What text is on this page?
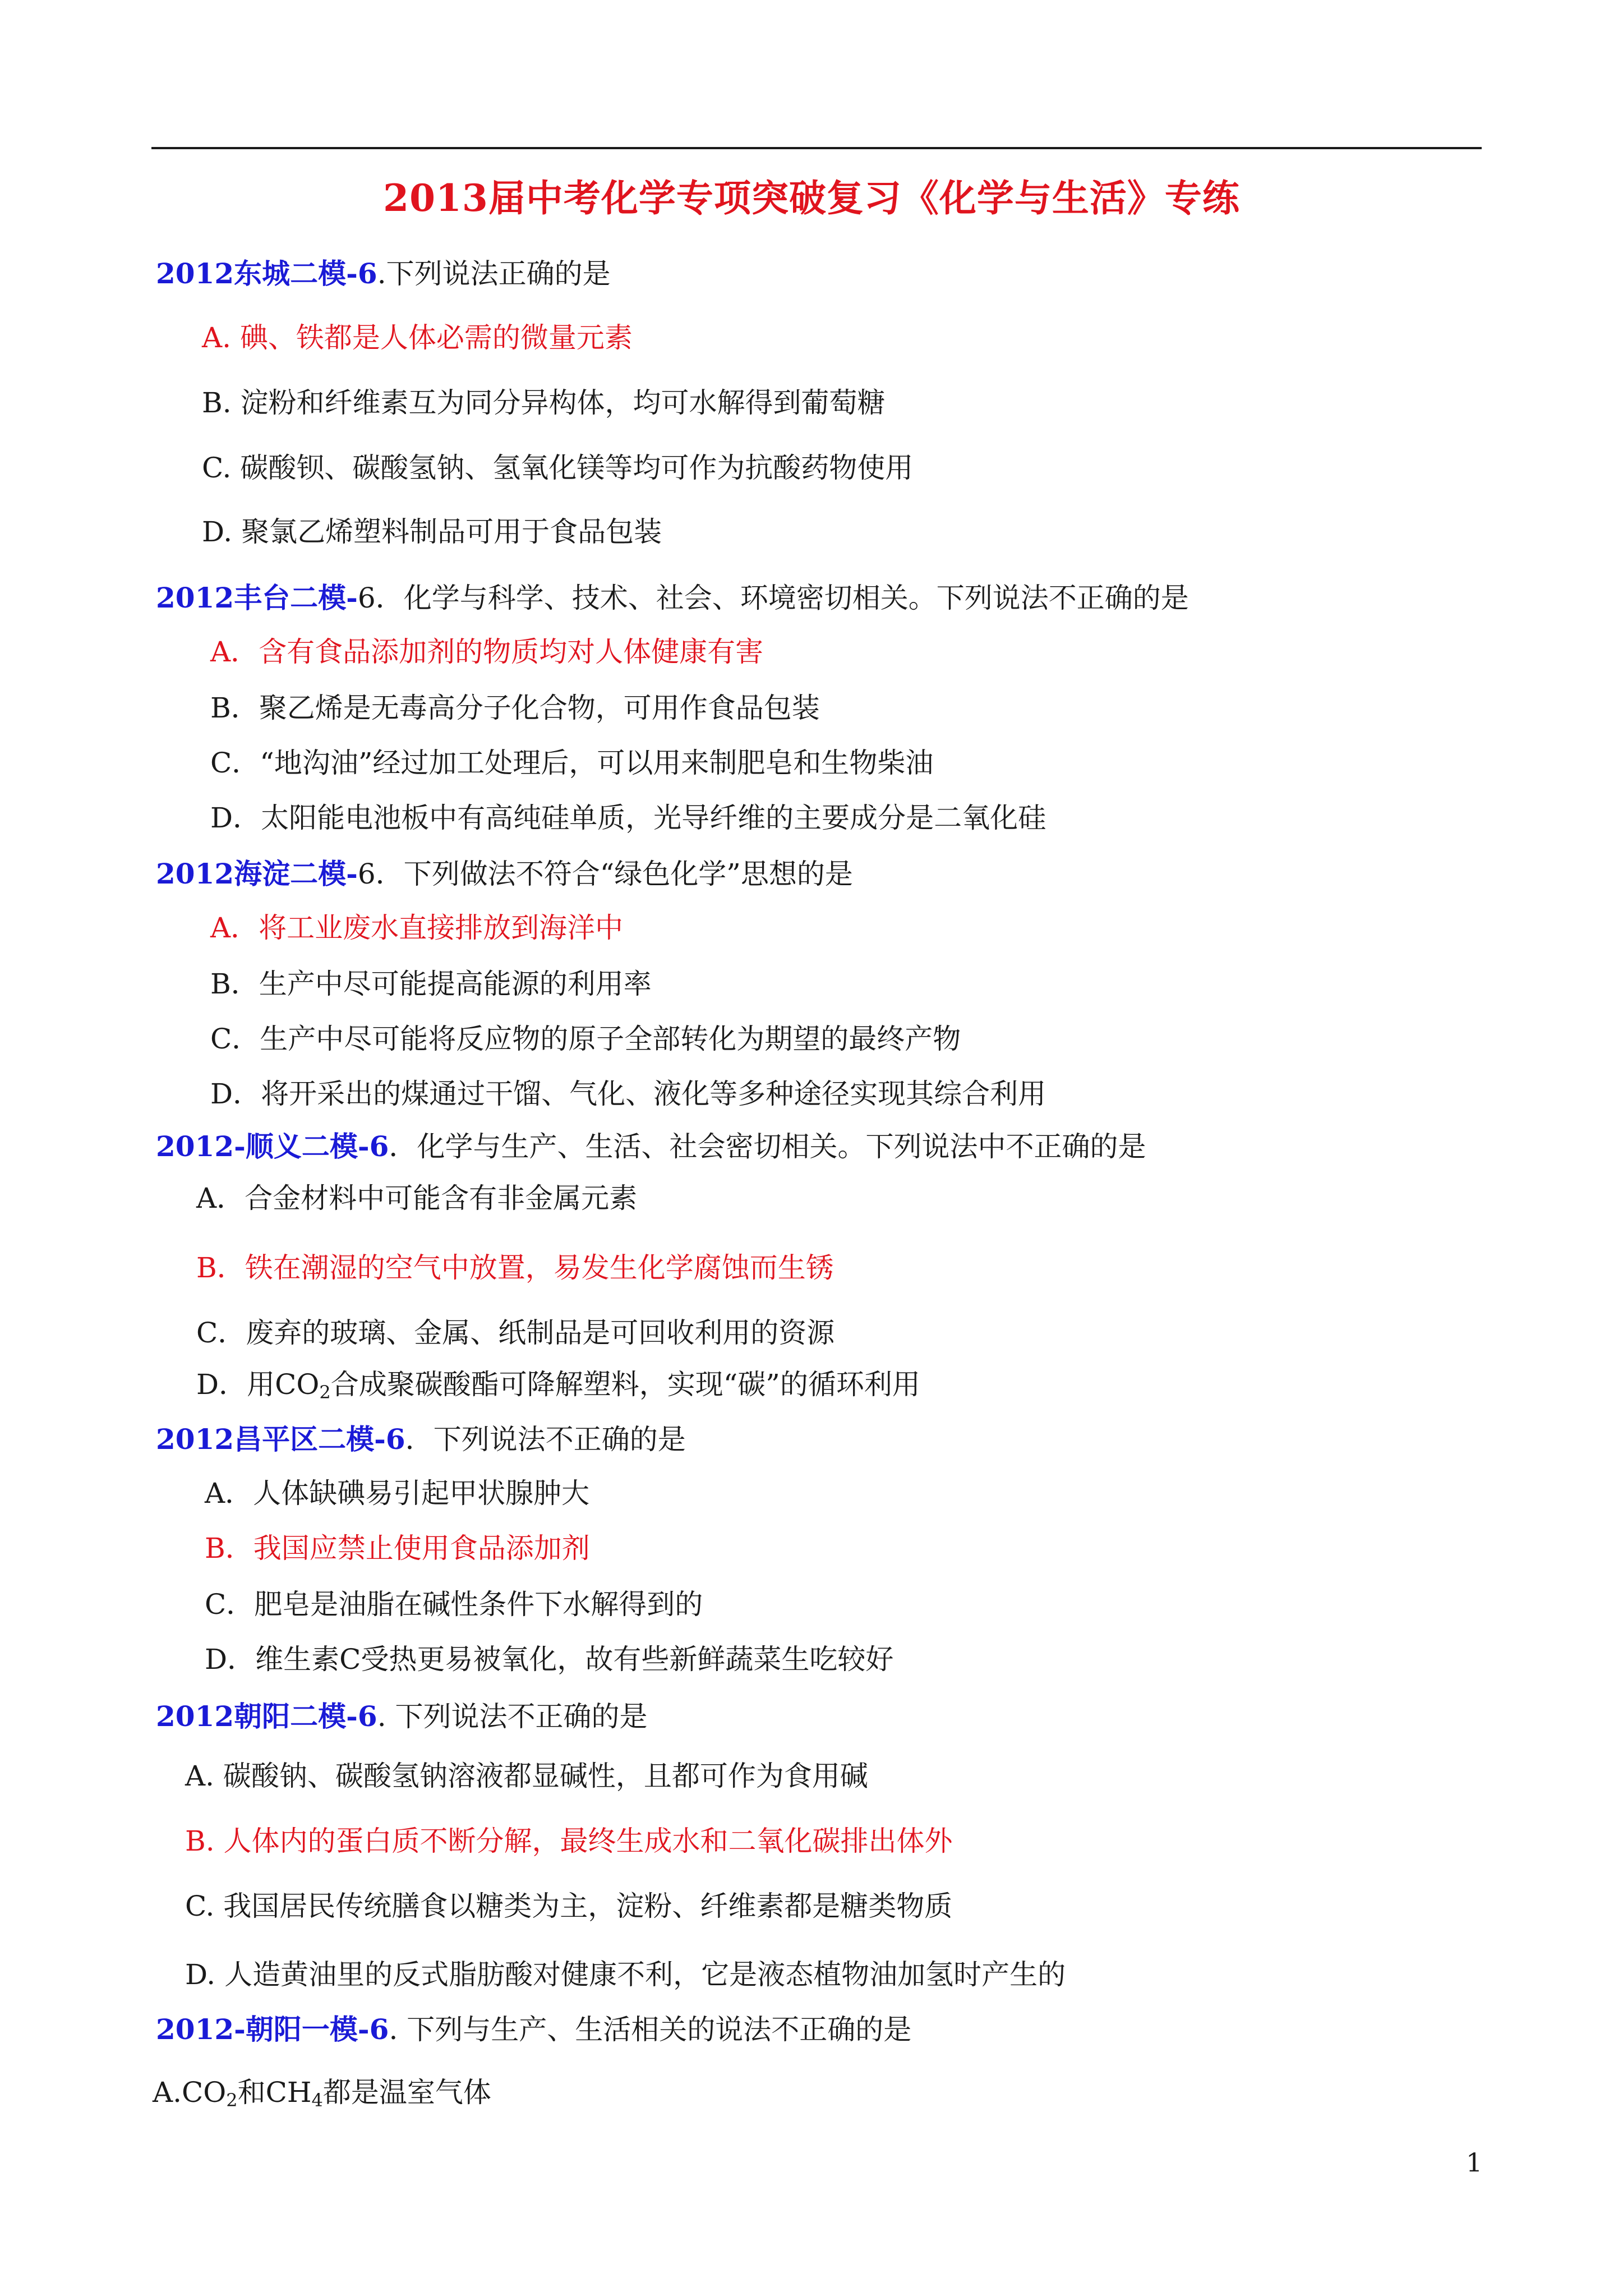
2013届中考化学专项突破复习《化学与生活》专练
2012东城二模-6.下列说法正确的是
A. 碘、铁都是人体必需的微量元素
B. 淀粉和纤维素互为同分异构体，均可水解得到葡萄糖
C. 碳酸钡、碳酸氢钠、氢氧化镁等均可作为抗酸药物使用
D. 聚氯乙烯塑料制品可用于食品包装
2012丰台二模-6．化学与科学、技术、社会、环境密切相关。下列说法不正确的是
A．含有食品添加剂的物质均对人体健康有害
B．聚乙烯是无毒高分子化合物，可用作食品包装
C．“地沟油”经过加工处理后，可以用来制肥皂和生物柴油
D．太阳能电池板中有高纯硅单质，光导纤维的主要成分是二氧化硅
2012海淀二模-6．下列做法不符合“绿色化学”思想的是
A．将工业废水直接排放到海洋中
B．生产中尽可能提高能源的利用率
C．生产中尽可能将反应物的原子全部转化为期望的最终产物
D．将开采出的煤通过干馏、气化、液化等多种途径实现其综合利用
2012-顺义二模-6．化学与生产、生活、社会密切相关。下列说法中不正确的是
A．合金材料中可能含有非金属元素
B．铁在潮湿的空气中放置，易发生化学腐蚀而生锈
C．废弃的玻璃、金属、纸制品是可回收利用的资源
D．用$CO_2$合成聚碳酸酯可降解塑料，实现“碳”的循环利用
2012昌平区二模-6．下列说法不正确的是
A．人体缺碘易引起甲状腺肿大
B．我国应禁止使用食品添加剂
C．肥皂是油脂在碱性条件下水解得到的
D．维生素C受热更易被氧化，故有些新鲜蔬菜生吃较好
2012朝阳二模-6. 下列说法不正确的是
A. 碳酸钠、碳酸氢钠溶液都显碱性，且都可作为食用碱
B. 人体内的蛋白质不断分解，最终生成水和二氧化碳排出体外
C. 我国居民传统膳食以糖类为主，淀粉、纤维素都是糖类物质
D. 人造黄油里的反式脂肪酸对健康不利，它是液态植物油加氢时产生的
2012-朝阳一模-6. 下列与生产、生活相关的说法不正确的是
$A.CO_2$和$CH_4$都是温室气体
1
